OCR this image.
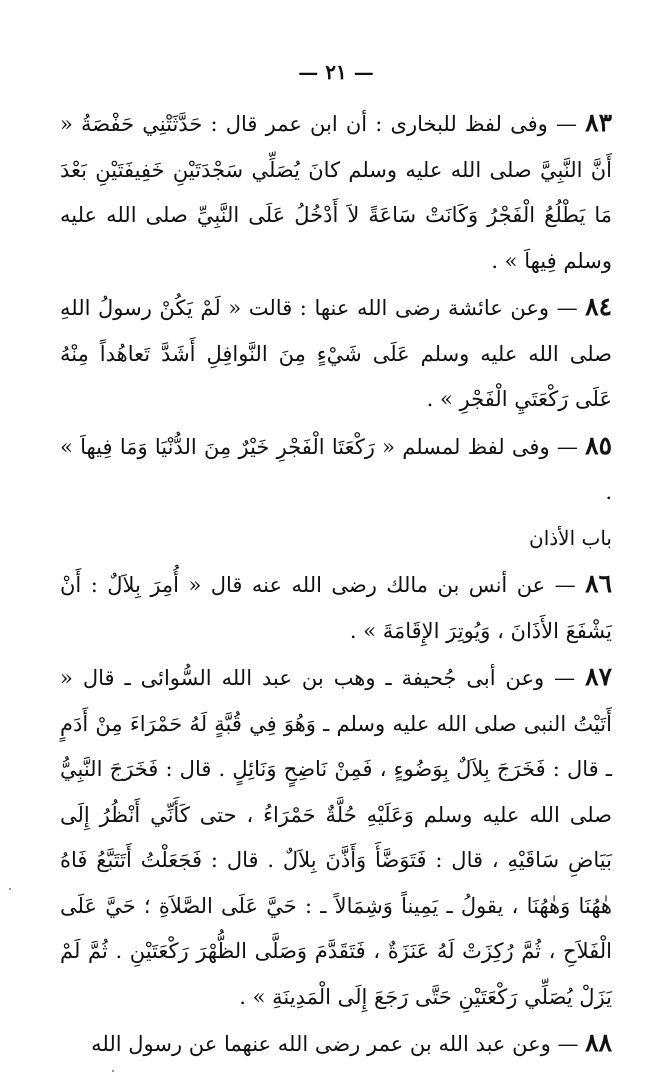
— ٢١ —

٨٣ — وفى لفظ للبخارى : أن ابن عمر قال : حَدَّثَتْنِي حَفْصَةُ « أَنَّ النَّبِيَّ صلى الله عليه وسلم كانَ يُصَلِّي سَجْدَتَيْنِ خَفِيفَتَيْنِ بَعْدَ مَا يَطْلُعُ الْفَجْرُ وَكَانَتْ سَاعَةً لاَ أَدْخُلُ عَلَى النَّبِيِّ صلى الله عليه وسلم فِيهاَ » .

٨٤ — وعن عائشة رضى الله عنها : قالت « لَمْ يَكُنْ رسولُ اللهِ صلى الله عليه وسلم عَلَى شَيْءٍ مِنَ النَّوافِلِ أَشَدَّ تَعاهُداً مِنْهُ عَلَى رَكْعَتَيِ الْفَجْرِ » .

٨٥ — وفى لفظ لمسلم « رَكْعَتَا الْفَجْرِ خَيْرٌ مِنَ الدُّنْيَا وَمَا فِيهاَ » .

باب الأذان

٨٦ — عن أنس بن مالك رضى الله عنه قال « أُمِرَ بِلاَلٌ : أَنْ يَشْفَعَ الأَذَانَ ، وَيُوتِرَ الإِقَامَةَ » .

٨٧ — وعن أبى جُحيفة ـ وهب بن عبد الله السُّوائى ـ قال « أَتَيْتُ النبى صلى الله عليه وسلم ـ وَهُوَ فِي قُبَّةٍ لَهُ حَمْرَاءَ مِنْ أَدَمٍ ـ قال : فَخَرَجَ بِلاَلٌ بِوَضُوءٍ ، فَمِنْ نَاضِحٍ وَنَائِلٍ . قال : فَخَرَجَ النَّبِيُّ صلى الله عليه وسلم وَعَلَيْهِ حُلَّةٌ حَمْرَاءُ ، حتى كَأَنِّي أَنْظُرُ إِلَى بَيَاضِ سَاقَيْهِ ، قال : فَتَوَضَّأَ وَأَذَّنَ بِلاَلٌ . قال : فَجَعَلْتُ أَتَتَبَّعُ فَاهُ هٰهُنَا وَهٰهُنَا ، يقولُ ـ يَمِيناً وَشِمَالاً ـ : حَيَّ عَلَى الصَّلاَةِ ؛ حَيَّ عَلَى الْفَلاَحِ ، ثُمَّ رُكِزَتْ لَهُ عَنَزَةٌ ، فَتَقَدَّمَ وَصَلَّى الظُّهْرَ رَكْعَتَيْنِ . ثُمَّ لَمْ يَزَلْ يُصَلِّي رَكْعَتَيْنِ حَتَّى رَجَعَ إِلَى الْمَدِينَةِ » .

٨٨ — وعن عبد الله بن عمر رضى الله عنهما عن رسول الله
